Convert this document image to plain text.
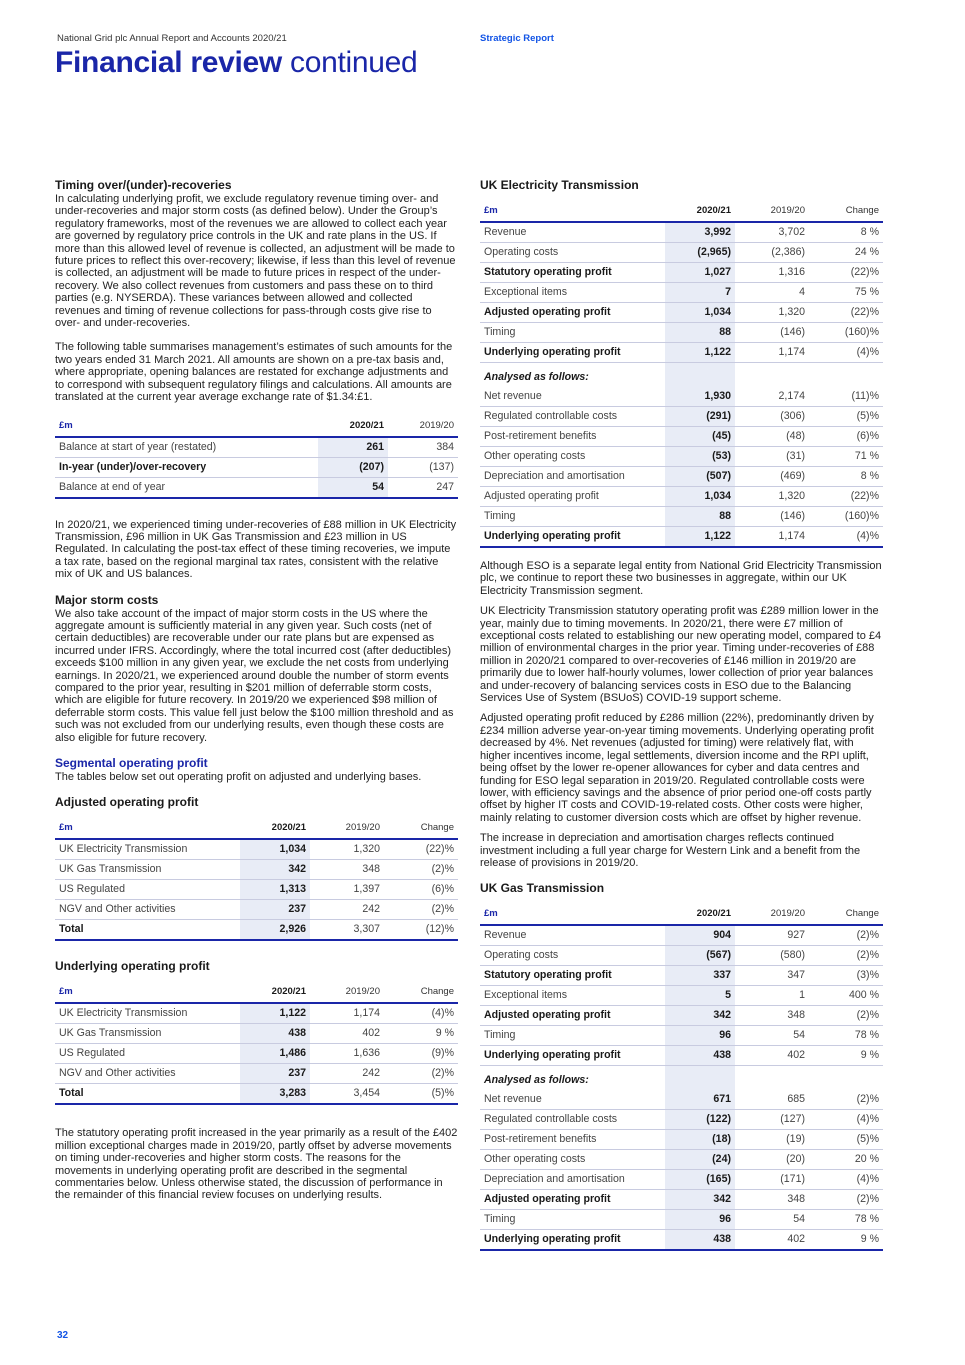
National Grid plc Annual Report and Accounts 2020/21	Strategic Report
Financial review continued
Timing over/(under)-recoveries
In calculating underlying profit, we exclude regulatory revenue timing over- and under-recoveries and major storm costs (as defined below). Under the Group’s regulatory frameworks, most of the revenues we are allowed to collect each year are governed by regulatory price controls in the UK and rate plans in the US. If more than this allowed level of revenue is collected, an adjustment will be made to future prices to reflect this over-recovery; likewise, if less than this level of revenue is collected, an adjustment will be made to future prices in respect of the under-recovery. We also collect revenues from customers and pass these on to third parties (e.g. NYSERDA). These variances between allowed and collected revenues and timing of revenue collections for pass-through costs give rise to over- and under-recoveries.
The following table summarises management’s estimates of such amounts for the two years ended 31 March 2021. All amounts are shown on a pre-tax basis and, where appropriate, opening balances are restated for exchange adjustments and to correspond with subsequent regulatory filings and calculations. All amounts are translated at the current year average exchange rate of $1.34:£1.
£m	2020/21	2019/20
Balance at start of year (restated)	261	384
In-year (under)/over-recovery	(207)	(137)
Balance at end of year	54	247
In 2020/21, we experienced timing under-recoveries of £88 million in UK Electricity Transmission, £96 million in UK Gas Transmission and £23 million in US Regulated. In calculating the post-tax effect of these timing recoveries, we impute a tax rate, based on the regional marginal tax rates, consistent with the relative mix of UK and US balances.
Major storm costs
We also take account of the impact of major storm costs in the US where the aggregate amount is sufficiently material in any given year. Such costs (net of certain deductibles) are recoverable under our rate plans but are expensed as incurred under IFRS. Accordingly, where the total incurred cost (after deductibles) exceeds $100 million in any given year, we exclude the net costs from underlying earnings. In 2020/21, we experienced around double the number of storm events compared to the prior year, resulting in $201 million of deferrable storm costs, which are eligible for future recovery. In 2019/20 we experienced $98 million of deferrable storm costs. This value fell just below the $100 million threshold and as such was not excluded from our underlying results, even though these costs are also eligible for future recovery.
Segmental operating profit
The tables below set out operating profit on adjusted and underlying bases.
Adjusted operating profit
£m	2020/21	2019/20	Change
UK Electricity Transmission	1,034	1,320	(22)%
UK Gas Transmission	342	348	(2)%
US Regulated	1,313	1,397	(6)%
NGV and Other activities	237	242	(2)%
Total	2,926	3,307	(12)%
Underlying operating profit
£m	2020/21	2019/20	Change
UK Electricity Transmission	1,122	1,174	(4)%
UK Gas Transmission	438	402	9 %
US Regulated	1,486	1,636	(9)%
NGV and Other activities	237	242	(2)%
Total	3,283	3,454	(5)%
The statutory operating profit increased in the year primarily as a result of the £402 million exceptional charges made in 2019/20, partly offset by adverse movements on timing under-recoveries and higher storm costs. The reasons for the movements in underlying operating profit are described in the segmental commentaries below. Unless otherwise stated, the discussion of performance in the remainder of this financial review focuses on underlying results.
UK Electricity Transmission
£m	2020/21	2019/20	Change
Revenue	3,992	3,702	8 %
Operating costs	(2,965)	(2,386)	24 %
Statutory operating profit	1,027	1,316	(22)%
Exceptional items	7	4	75 %
Adjusted operating profit	1,034	1,320	(22)%
Timing	88	(146)	(160)%
Underlying operating profit	1,122	1,174	(4)%
Analysed as follows:			
Net revenue	1,930	2,174	(11)%
Regulated controllable costs	(291)	(306)	(5)%
Post-retirement benefits	(45)	(48)	(6)%
Other operating costs	(53)	(31)	71 %
Depreciation and amortisation	(507)	(469)	8 %
Adjusted operating profit	1,034	1,320	(22)%
Timing	88	(146)	(160)%
Underlying operating profit	1,122	1,174	(4)%
Although ESO is a separate legal entity from National Grid Electricity Transmission plc, we continue to report these two businesses in aggregate, within our UK Electricity Transmission segment.
UK Electricity Transmission statutory operating profit was £289 million lower in the year, mainly due to timing movements. In 2020/21, there were £7 million of exceptional costs related to establishing our new operating model, compared to £4 million of environmental charges in the prior year. Timing under-recoveries of £88 million in 2020/21 compared to over-recoveries of £146 million in 2019/20 are primarily due to lower half-hourly volumes, lower collection of prior year balances and under-recovery of balancing services costs in ESO due to the Balancing Services Use of System (BSUoS) COVID-19 support scheme.
Adjusted operating profit reduced by £286 million (22%), predominantly driven by £234 million adverse year-on-year timing movements. Underlying operating profit decreased by 4%. Net revenues (adjusted for timing) were relatively flat, with higher incentives income, legal settlements, diversion income and the RPI uplift, being offset by the lower re-opener allowances for cyber and data centres and funding for ESO legal separation in 2019/20. Regulated controllable costs were lower, with efficiency savings and the absence of prior period one-off costs partly offset by higher IT costs and COVID-19-related costs. Other costs were higher, mainly relating to customer diversion costs which are offset by higher revenue.
The increase in depreciation and amortisation charges reflects continued investment including a full year charge for Western Link and a benefit from the release of provisions in 2019/20.
UK Gas Transmission
£m	2020/21	2019/20	Change
Revenue	904	927	(2)%
Operating costs	(567)	(580)	(2)%
Statutory operating profit	337	347	(3)%
Exceptional items	5	1	400 %
Adjusted operating profit	342	348	(2)%
Timing	96	54	78 %
Underlying operating profit	438	402	9 %
Analysed as follows:			
Net revenue	671	685	(2)%
Regulated controllable costs	(122)	(127)	(4)%
Post-retirement benefits	(18)	(19)	(5)%
Other operating costs	(24)	(20)	20 %
Depreciation and amortisation	(165)	(171)	(4)%
Adjusted operating profit	342	348	(2)%
Timing	96	54	78 %
Underlying operating profit	438	402	9 %
32
